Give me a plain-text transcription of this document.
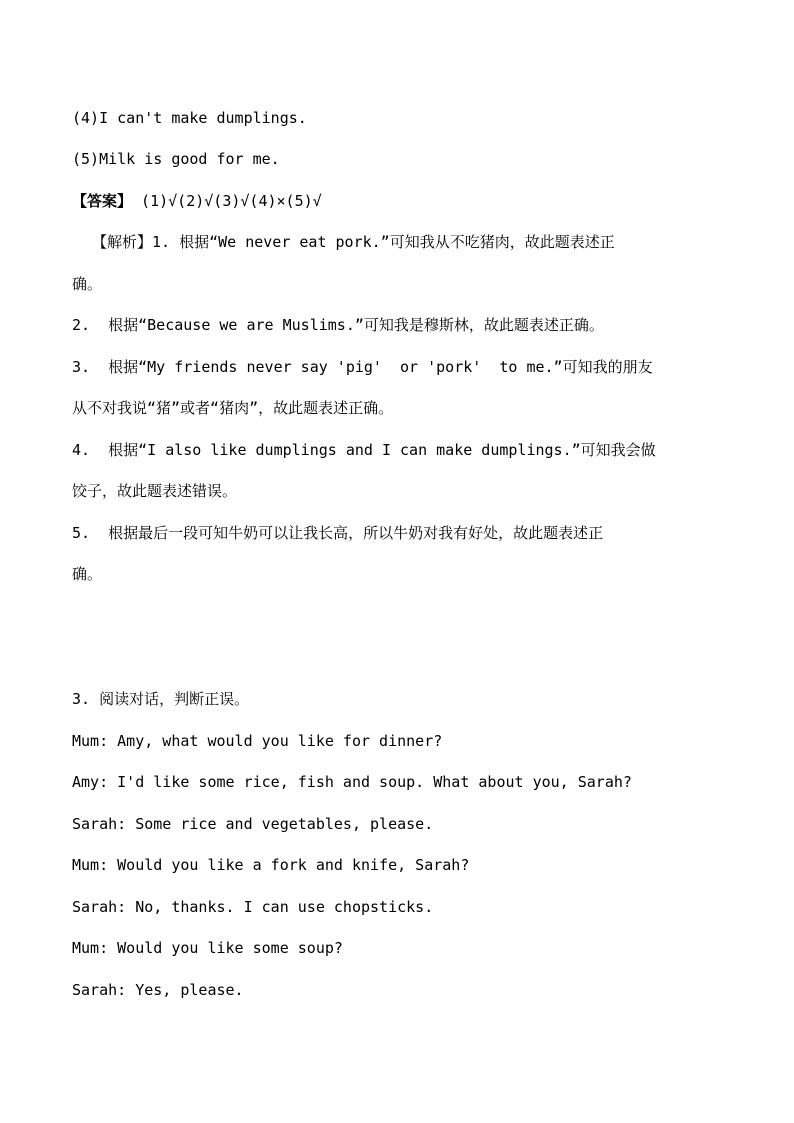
(4)I can't make dumplings.
(5)Milk is good for me.
【答案】 (1)√(2)√(3)√(4)×(5)√
【解析】1. 根据“We never eat pork.”可知我从不吃猪肉，故此题表述正
确。
2.  根据“Because we are Muslims.”可知我是穆斯林，故此题表述正确。
3.  根据“My friends never say 'pig'  or 'pork'  to me.”可知我的朋友
从不对我说“猪”或者“猪肉”，故此题表述正确。
4.  根据“I also like dumplings and I can make dumplings.”可知我会做
饺子，故此题表述错误。
5.  根据最后一段可知牛奶可以让我长高，所以牛奶对我有好处，故此题表述正
确。
3. 阅读对话，判断正误。
Mum: Amy, what would you like for dinner?
Amy: I'd like some rice, fish and soup. What about you, Sarah?
Sarah: Some rice and vegetables, please.
Mum: Would you like a fork and knife, Sarah?
Sarah: No, thanks. I can use chopsticks.
Mum: Would you like some soup?
Sarah: Yes, please.
